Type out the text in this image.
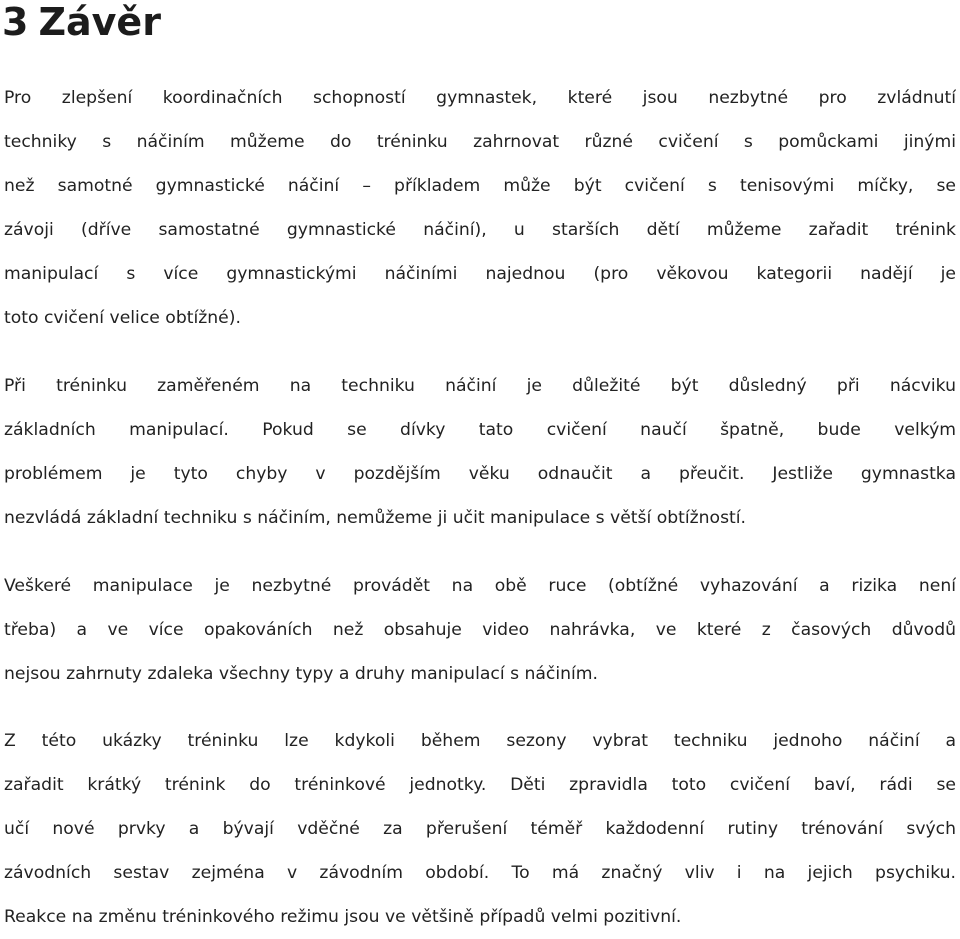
3 Závěr

Pro zlepšení koordinačních schopností gymnastek, které jsou nezbytné pro zvládnutí
techniky s náčiním můžeme do tréninku zahrnovat různé cvičení s pomůckami jinými
než samotné gymnastické náčiní – příkladem může být cvičení s tenisovými míčky, se
závoji (dříve samostatné gymnastické náčiní), u starších dětí můžeme zařadit trénink
manipulací s více gymnastickými náčiními najednou (pro věkovou kategorii nadějí je
toto cvičení velice obtížné).

Při tréninku zaměřeném na techniku náčiní je důležité být důsledný při nácviku
základních manipulací. Pokud se dívky tato cvičení naučí špatně, bude velkým
problémem je tyto chyby v pozdějším věku odnaučit a přeučit. Jestliže gymnastka
nezvládá základní techniku s náčiním, nemůžeme ji učit manipulace s větší obtížností.

Veškeré manipulace je nezbytné provádět na obě ruce (obtížné vyhazování a rizika není
třeba) a ve více opakováních než obsahuje video nahrávka, ve které z časových důvodů
nejsou zahrnuty zdaleka všechny typy a druhy manipulací s náčiním.

Z této ukázky tréninku lze kdykoli během sezony vybrat techniku jednoho náčiní a
zařadit krátký trénink do tréninkové jednotky. Děti zpravidla toto cvičení baví, rádi se
učí nové prvky a bývají vděčné za přerušení téměř každodenní rutiny trénování svých
závodních sestav zejména v závodním období. To má značný vliv i na jejich psychiku.
Reakce na změnu tréninkového režimu jsou ve většině případů velmi pozitivní.
